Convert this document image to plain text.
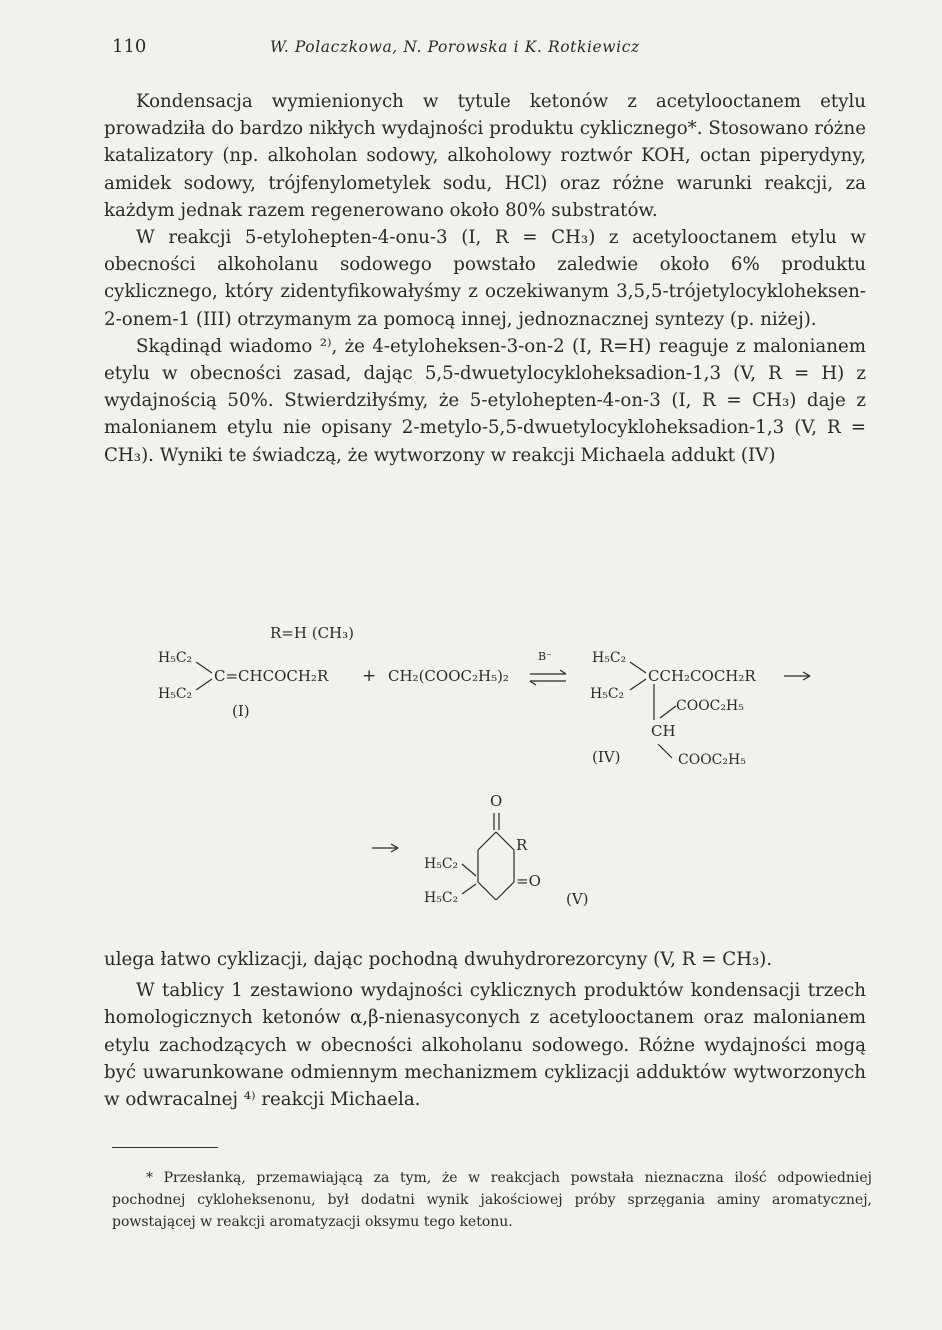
110	W. Polaczkowa, N. Porowska i K. Rotkiewicz

Kondensacja wymienionych w tytule ketonów z acetylooctanem etylu prowadziła do bardzo nikłych wydajności produktu cyklicznego*. Stosowano różne katalizatory (np. alkoholan sodowy, alkoholowy roztwór KOH, octan piperydyny, amidek sodowy, trójfenylometylek sodu, HCl) oraz różne warunki reakcji, za każdym jednak razem regenerowano około 80% substratów.

W reakcji 5-etylohepten-4-onu-3 (I, R = CH₃) z acetylooctanem etylu w obecności alkoholanu sodowego powstało zaledwie około 6% produktu cyklicznego, który zidentyfikowałyśmy z oczekiwanym 3,5,5-trójetylocykloheksen-2-onem-1 (III) otrzymanym za pomocą innej, jednoznacznej syntezy (p. niżej).

Skądinąd wiadomo ²⁾, że 4-etyloheksen-3-on-2 (I, R=H) reaguje z malonianem etylu w obecności zasad, dając 5,5-dwuetylocykloheksadion-1,3 (V, R = H) z wydajnością 50%. Stwierdziłyśmy, że 5-etylohepten-4-on-3 (I, R = CH₃) daje z malonianem etylu nie opisany 2-metylo-5,5-dwuetylocykloheksadion-1,3 (V, R = CH₃). Wyniki te świadczą, że wytworzony w reakcji Michaela addukt (IV)

R=H (CH₃)
H₅C₂
H₅C₂
C=CHCOCH₂R
(I)
+ CH₂(COOC₂H₅)₂
B⁻	H₅C₂
H₅C₂
CCH₂COCH₂R
COOC₂H₅
CH
COOC₂H₅
(IV)
O
R
=O
H₅C₂
H₅C₂	(V)

ulega łatwo cyklizacji, dając pochodną dwuhydrorezorcyny (V, R = CH₃).

W tablicy 1 zestawiono wydajności cyklicznych produktów kondensacji trzech homologicznych ketonów α,β-nienasyconych z acetylooctanem oraz malonianem etylu zachodzących w obecności alkoholanu sodowego. Różne wydajności mogą być uwarunkowane odmiennym mechanizmem cyklizacji adduktów wytworzonych w odwracalnej ⁴⁾ reakcji Michaela.

* Przesłanką, przemawiającą za tym, że w reakcjach powstała nieznaczna ilość odpowiedniej pochodnej cykloheksenonu, był dodatni wynik jakościowej próby sprzęgania aminy aromatycznej, powstającej w reakcji aromatyzacji oksymu tego ketonu.
